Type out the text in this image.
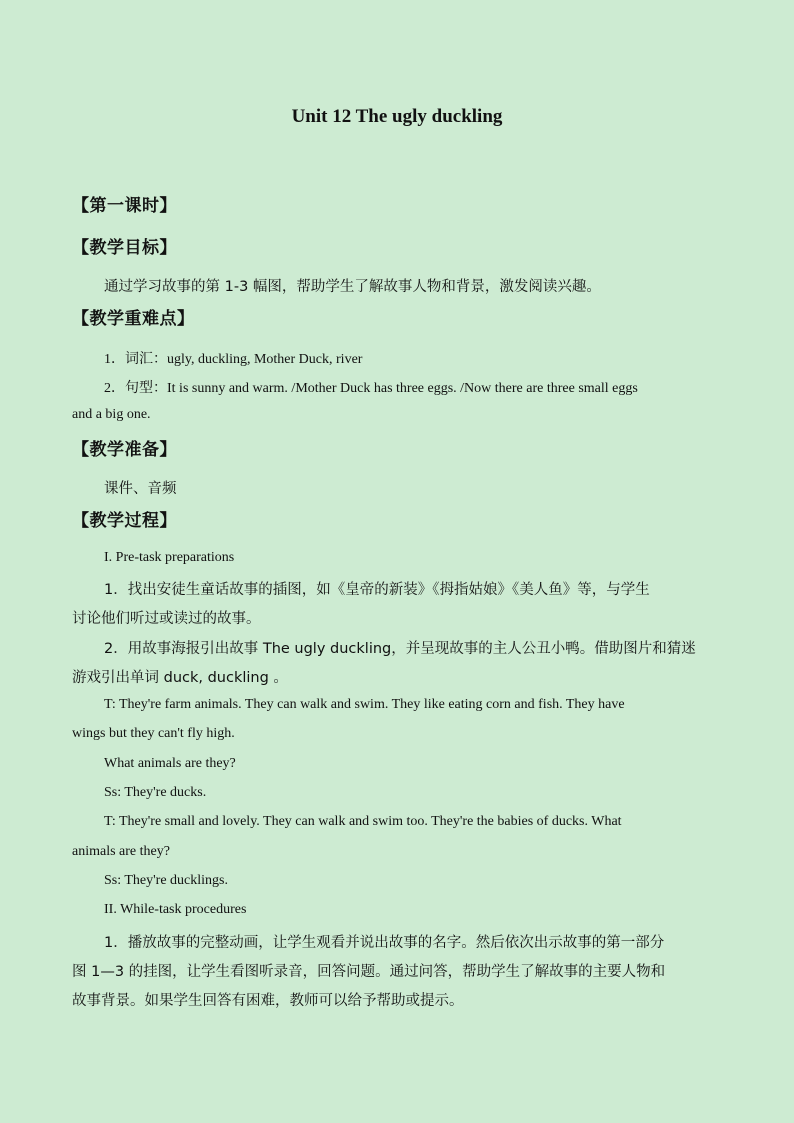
Unit 12 The ugly duckling
【第一课时】
【教学目标】
通过学习故事的第 1-3 幅图，帮助学生了解故事人物和背景，激发阅读兴趣。
【教学重难点】
1．词汇：ugly, duckling, Mother Duck, river
2．句型：It is sunny and warm. /Mother Duck has three eggs. /Now there are three small eggs
and a big one.
【教学准备】
课件、音频
【教学过程】
I. Pre-task preparations
1．找出安徒生童话故事的插图，如《皇帝的新装》《拇指姑娘》《美人鱼》等，与学生
讨论他们听过或读过的故事。
2．用故事海报引出故事 The ugly duckling，并呈现故事的主人公丑小鸭。借助图片和猜迷
游戏引出单词 duck, duckling 。
T: They're farm animals. They can walk and swim. They like eating corn and fish. They have
wings but they can't fly high.
What animals are they?
Ss: They're ducks.
T: They're small and lovely. They can walk and swim too. They're the babies of ducks. What
animals are they?
Ss: They're ducklings.
II. While-task procedures
1．播放故事的完整动画，让学生观看并说出故事的名字。然后依次出示故事的第一部分
图 1—3 的挂图，让学生看图听录音，回答问题。通过问答，帮助学生了解故事的主要人物和
故事背景。如果学生回答有困难，教师可以给予帮助或提示。
